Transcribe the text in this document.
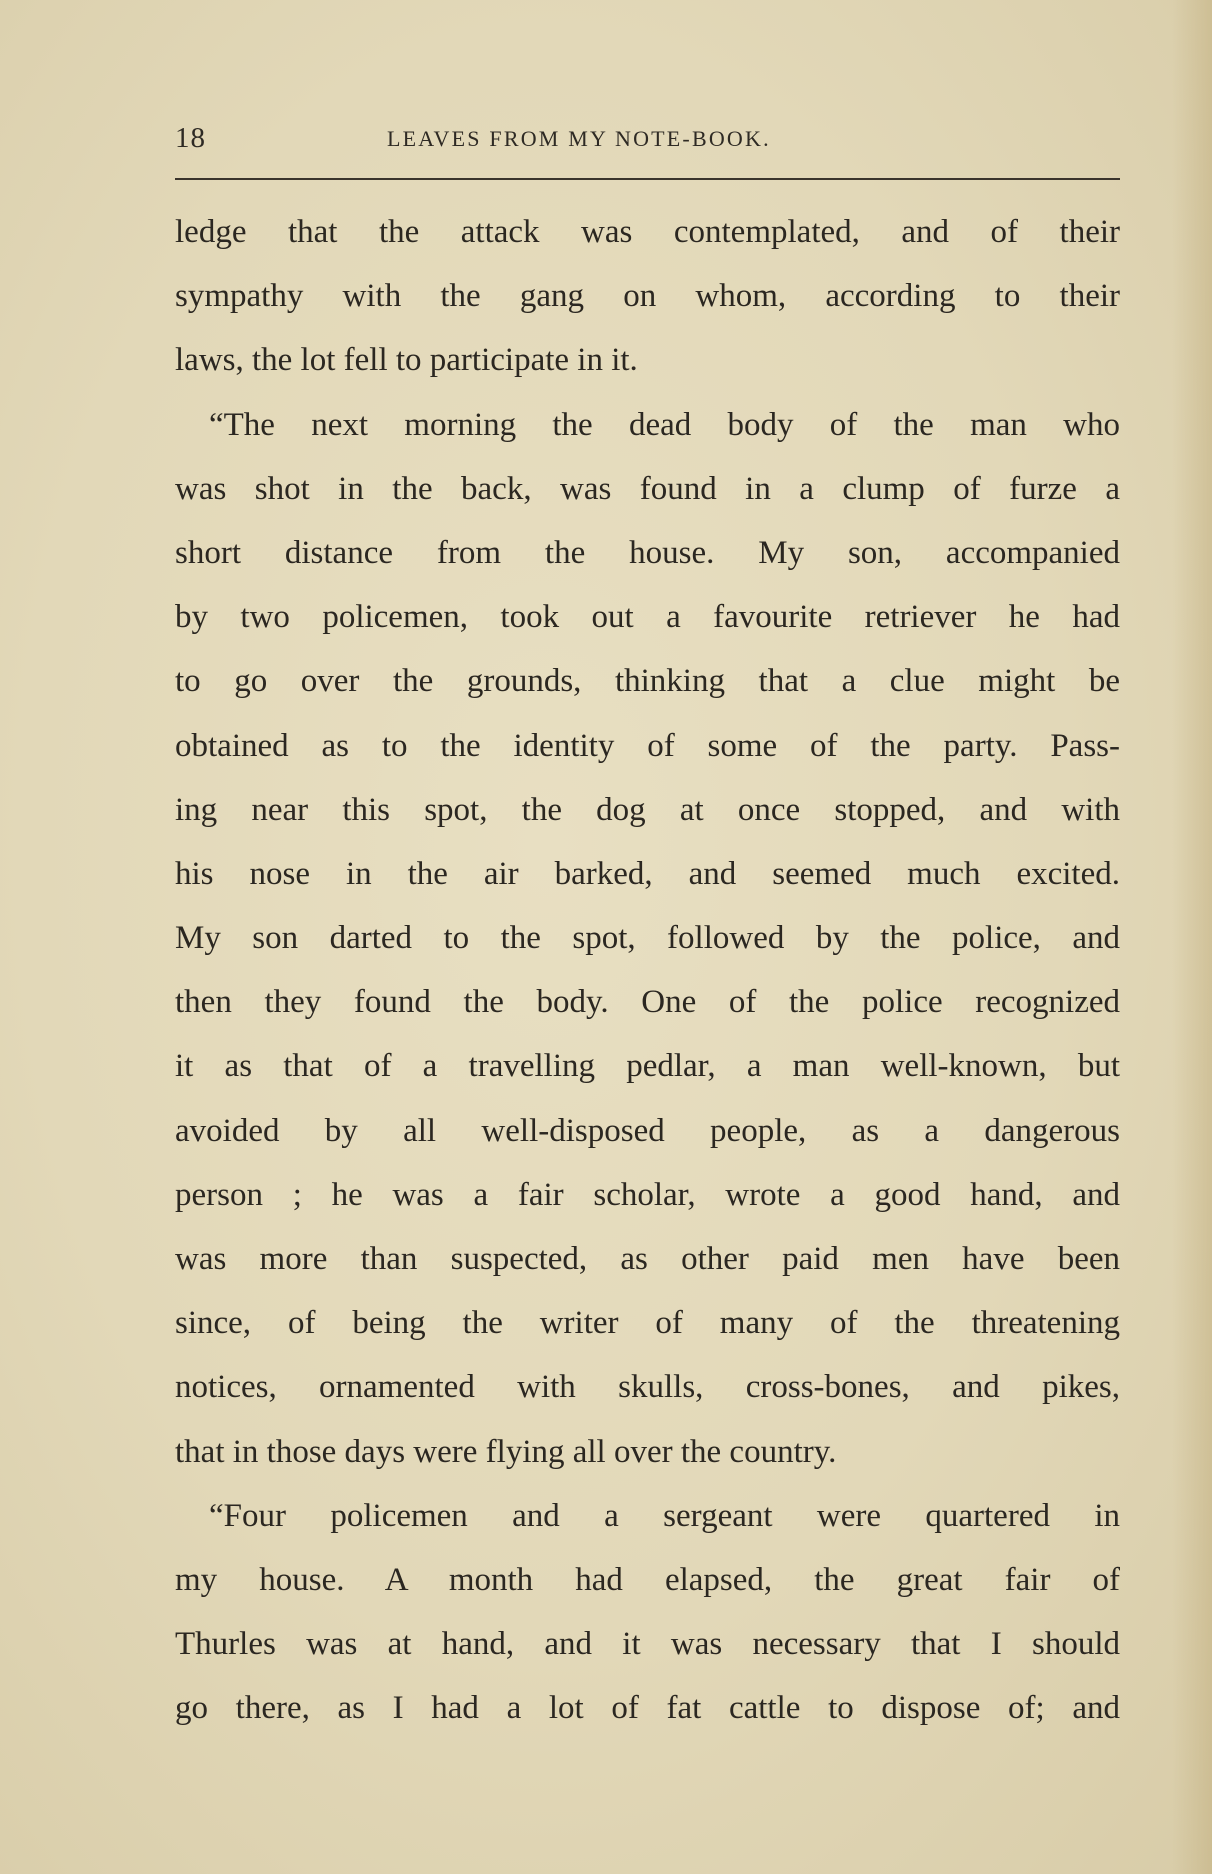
18	LEAVES FROM MY NOTE-BOOK.
ledge that the attack was contemplated, and of their
sympathy with the gang on whom, according to their
laws, the lot fell to participate in it.
“The next morning the dead body of the man who
was shot in the back, was found in a clump of furze a
short distance from the house. My son, accompanied
by two policemen, took out a favourite retriever he had
to go over the grounds, thinking that a clue might be
obtained as to the identity of some of the party. Pass-
ing near this spot, the dog at once stopped, and with
his nose in the air barked, and seemed much excited.
My son darted to the spot, followed by the police, and
then they found the body. One of the police recognized
it as that of a travelling pedlar, a man well-known, but
avoided by all well-disposed people, as a dangerous
person ; he was a fair scholar, wrote a good hand, and
was more than suspected, as other paid men have been
since, of being the writer of many of the threatening
notices, ornamented with skulls, cross-bones, and pikes,
that in those days were flying all over the country.
“Four policemen and a sergeant were quartered in
my house. A month had elapsed, the great fair of
Thurles was at hand, and it was necessary that I should
go there, as I had a lot of fat cattle to dispose of; and
